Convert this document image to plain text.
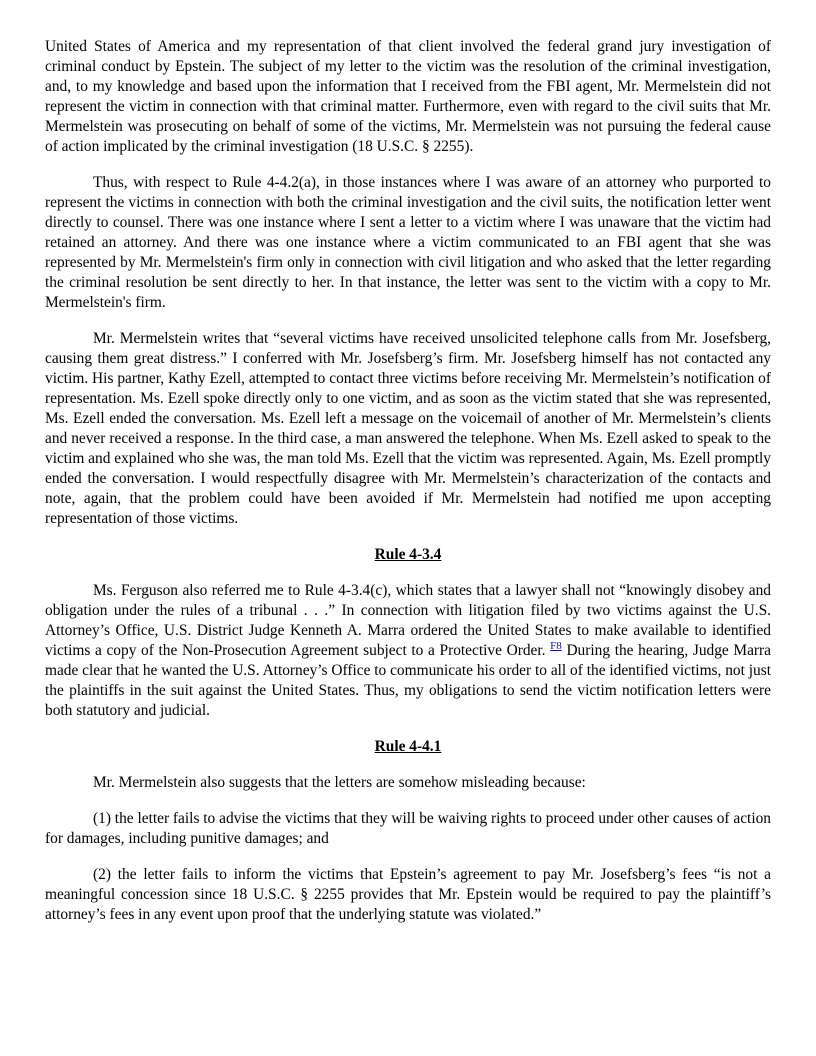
United States of America and my representation of that client involved the federal grand jury investigation of criminal conduct by Epstein. The subject of my letter to the victim was the resolution of the criminal investigation, and, to my knowledge and based upon the information that I received from the FBI agent, Mr. Mermelstein did not represent the victim in connection with that criminal matter. Furthermore, even with regard to the civil suits that Mr. Mermelstein was prosecuting on behalf of some of the victims, Mr. Mermelstein was not pursuing the federal cause of action implicated by the criminal investigation (18 U.S.C. § 2255).

Thus, with respect to Rule 4-4.2(a), in those instances where I was aware of an attorney who purported to represent the victims in connection with both the criminal investigation and the civil suits, the notification letter went directly to counsel. There was one instance where I sent a letter to a victim where I was unaware that the victim had retained an attorney. And there was one instance where a victim communicated to an FBI agent that she was represented by Mr. Mermelstein's firm only in connection with civil litigation and who asked that the letter regarding the criminal resolution be sent directly to her. In that instance, the letter was sent to the victim with a copy to Mr. Mermelstein's firm.

Mr. Mermelstein writes that “several victims have received unsolicited telephone calls from Mr. Josefsberg, causing them great distress.” I conferred with Mr. Josefsberg’s firm. Mr. Josefsberg himself has not contacted any victim. His partner, Kathy Ezell, attempted to contact three victims before receiving Mr. Mermelstein’s notification of representation. Ms. Ezell spoke directly only to one victim, and as soon as the victim stated that she was represented, Ms. Ezell ended the conversation. Ms. Ezell left a message on the voicemail of another of Mr. Mermelstein’s clients and never received a response. In the third case, a man answered the telephone. When Ms. Ezell asked to speak to the victim and explained who she was, the man told Ms. Ezell that the victim was represented. Again, Ms. Ezell promptly ended the conversation. I would respectfully disagree with Mr. Mermelstein’s characterization of the contacts and note, again, that the problem could have been avoided if Mr. Mermelstein had notified me upon accepting representation of those victims.

Rule 4-3.4

Ms. Ferguson also referred me to Rule 4-3.4(c), which states that a lawyer shall not “knowingly disobey and obligation under the rules of a tribunal . . .” In connection with litigation filed by two victims against the U.S. Attorney’s Office, U.S. District Judge Kenneth A. Marra ordered the United States to make available to identified victims a copy of the Non-Prosecution Agreement subject to a Protective Order. $^{F8}$ During the hearing, Judge Marra made clear that he wanted the U.S. Attorney’s Office to communicate his order to all of the identified victims, not just the plaintiffs in the suit against the United States. Thus, my obligations to send the victim notification letters were both statutory and judicial.

Rule 4-4.1

Mr. Mermelstein also suggests that the letters are somehow misleading because:

(1) the letter fails to advise the victims that they will be waiving rights to proceed under other causes of action for damages, including punitive damages; and

(2) the letter fails to inform the victims that Epstein’s agreement to pay Mr. Josefsberg’s fees “is not a meaningful concession since 18 U.S.C. § 2255 provides that Mr. Epstein would be required to pay the plaintiff’s attorney’s fees in any event upon proof that the underlying statute was violated.”
